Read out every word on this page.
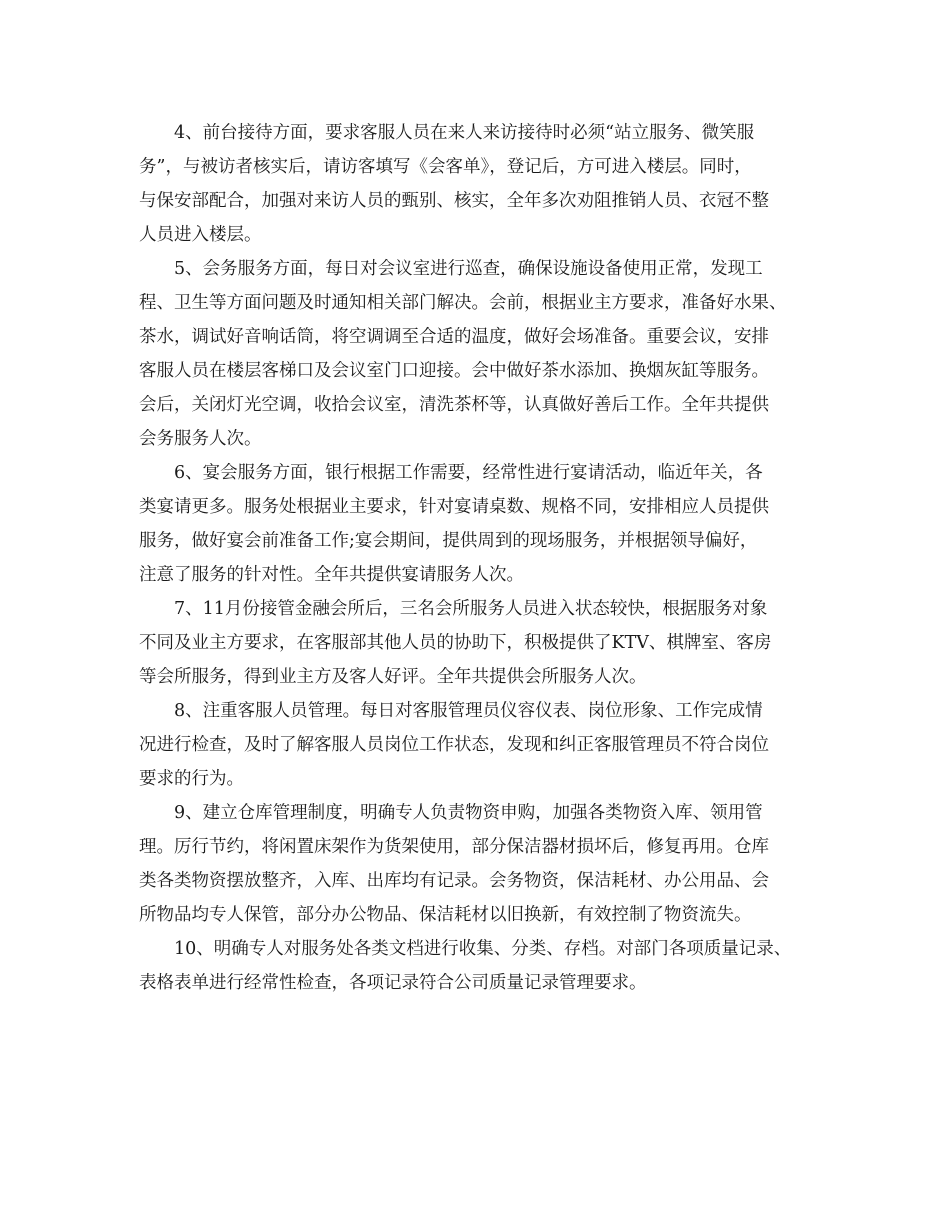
4、前台接待方面，要求客服人员在来人来访接待时必须“站立服务、微笑服
务”，与被访者核实后，请访客填写《会客单》，登记后，方可进入楼层。同时，
与保安部配合，加强对来访人员的甄别、核实，全年多次劝阻推销人员、衣冠不整
人员进入楼层。
5、会务服务方面，每日对会议室进行巡查，确保设施设备使用正常，发现工
程、卫生等方面问题及时通知相关部门解决。会前，根据业主方要求，准备好水果、
茶水，调试好音响话筒，将空调调至合适的温度，做好会场准备。重要会议，安排
客服人员在楼层客梯口及会议室门口迎接。会中做好茶水添加、换烟灰缸等服务。
会后，关闭灯光空调，收拾会议室，清洗茶杯等，认真做好善后工作。全年共提供
会务服务人次。
6、宴会服务方面，银行根据工作需要，经常性进行宴请活动，临近年关，各
类宴请更多。服务处根据业主要求，针对宴请桌数、规格不同，安排相应人员提供
服务，做好宴会前准备工作;宴会期间，提供周到的现场服务，并根据领导偏好，
注意了服务的针对性。全年共提供宴请服务人次。
7、11月份接管金融会所后，三名会所服务人员进入状态较快，根据服务对象
不同及业主方要求，在客服部其他人员的协助下，积极提供了KTV、棋牌室、客房
等会所服务，得到业主方及客人好评。全年共提供会所服务人次。
8、注重客服人员管理。每日对客服管理员仪容仪表、岗位形象、工作完成情
况进行检查，及时了解客服人员岗位工作状态，发现和纠正客服管理员不符合岗位
要求的行为。
9、建立仓库管理制度，明确专人负责物资申购，加强各类物资入库、领用管
理。厉行节约，将闲置床架作为货架使用，部分保洁器材损坏后，修复再用。仓库
类各类物资摆放整齐，入库、出库均有记录。会务物资，保洁耗材、办公用品、会
所物品均专人保管，部分办公物品、保洁耗材以旧换新，有效控制了物资流失。
10、明确专人对服务处各类文档进行收集、分类、存档。对部门各项质量记录、
表格表单进行经常性检查，各项记录符合公司质量记录管理要求。
